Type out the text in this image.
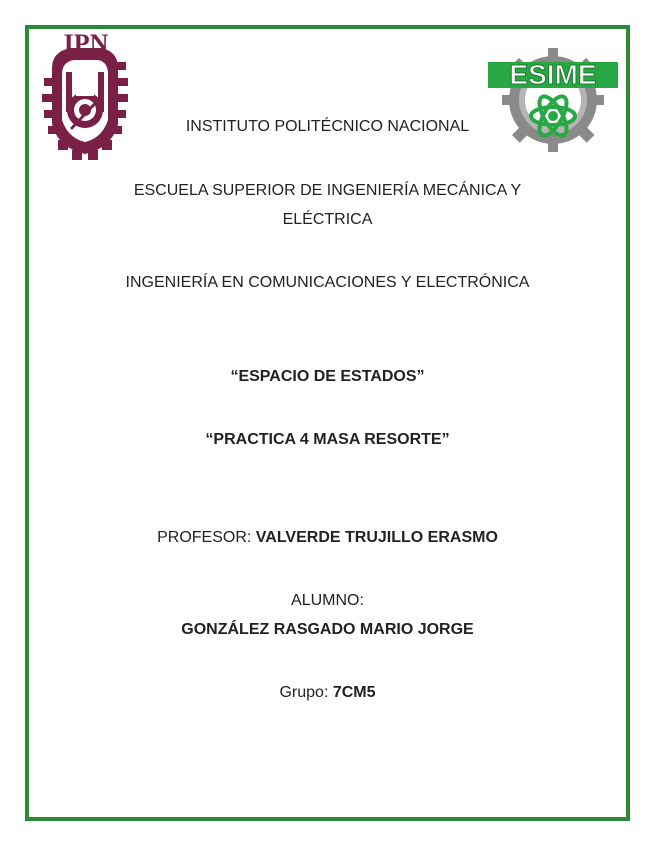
IPN
ESIME
INSTITUTO POLITÉCNICO NACIONAL
ESCUELA SUPERIOR DE INGENIERÍA MECÁNICA Y
ELÉCTRICA
INGENIERÍA EN COMUNICACIONES Y ELECTRÓNICA
“ESPACIO DE ESTADOS”
“PRACTICA 4 MASA RESORTE”
PROFESOR: VALVERDE TRUJILLO ERASMO
ALUMNO:
GONZÁLEZ RASGADO MARIO JORGE
Grupo: 7CM5
